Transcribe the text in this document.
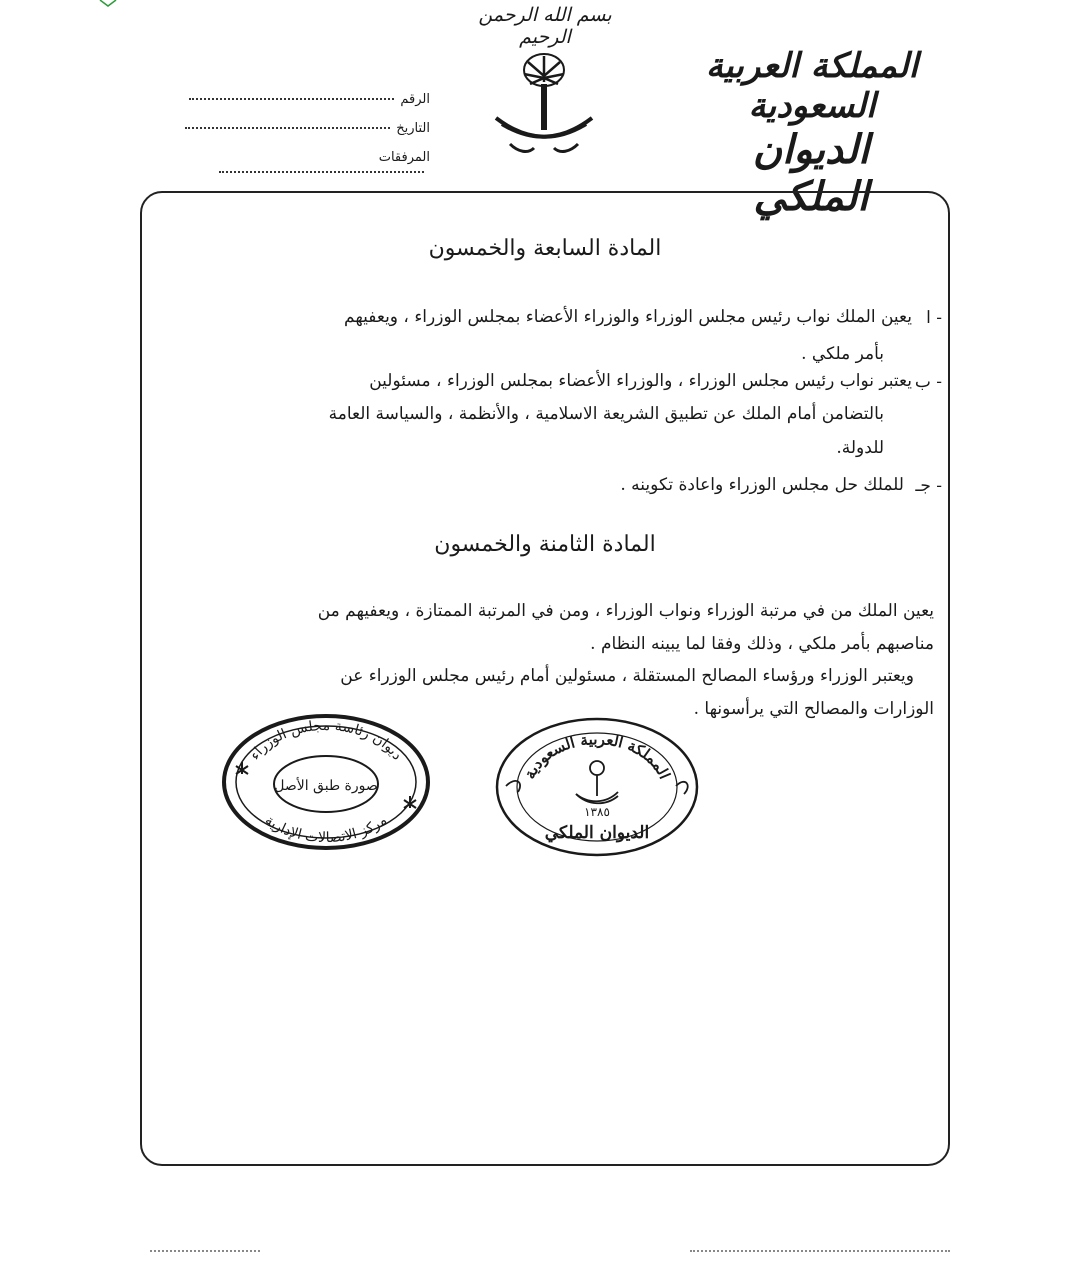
بسم الله الرحمن الرحيم
المملكة العربية السعودية
الديوان الملكي
الرقم
التاريخ
المرفقات
المادة السابعة والخمسون
ا -
يعين الملك نواب رئيس مجلس الوزراء والوزراء الأعضاء بمجلس الوزراء ، ويعفيهم
بأمر ملكي .
ب -
يعتبر نواب رئيس مجلس الوزراء ، والوزراء الأعضاء بمجلس الوزراء ، مسئولين
بالتضامن أمام الملك عن تطبيق الشريعة الاسلامية ، والأنظمة ، والسياسة العامة
للدولة.
جـ -
للملك حل مجلس الوزراء واعادة تكوينه .
المادة الثامنة والخمسون
يعين الملك من في مرتبة الوزراء ونواب الوزراء ، ومن في المرتبة الممتازة ، ويعفيهم من
مناصبهم بأمر ملكي ، وذلك وفقا لما يبينه النظام .
ويعتبر الوزراء ورؤساء المصالح المستقلة ، مسئولين أمام رئيس مجلس الوزراء عن
الوزارات والمصالح التي يرأسونها .
ديوان رئاسة مجلس الوزراء
مركز الاتصالات الإدارية
صورة طبق الأصل
المملكة العربية السعودية
١٣٨٥
الديوان الملكي
